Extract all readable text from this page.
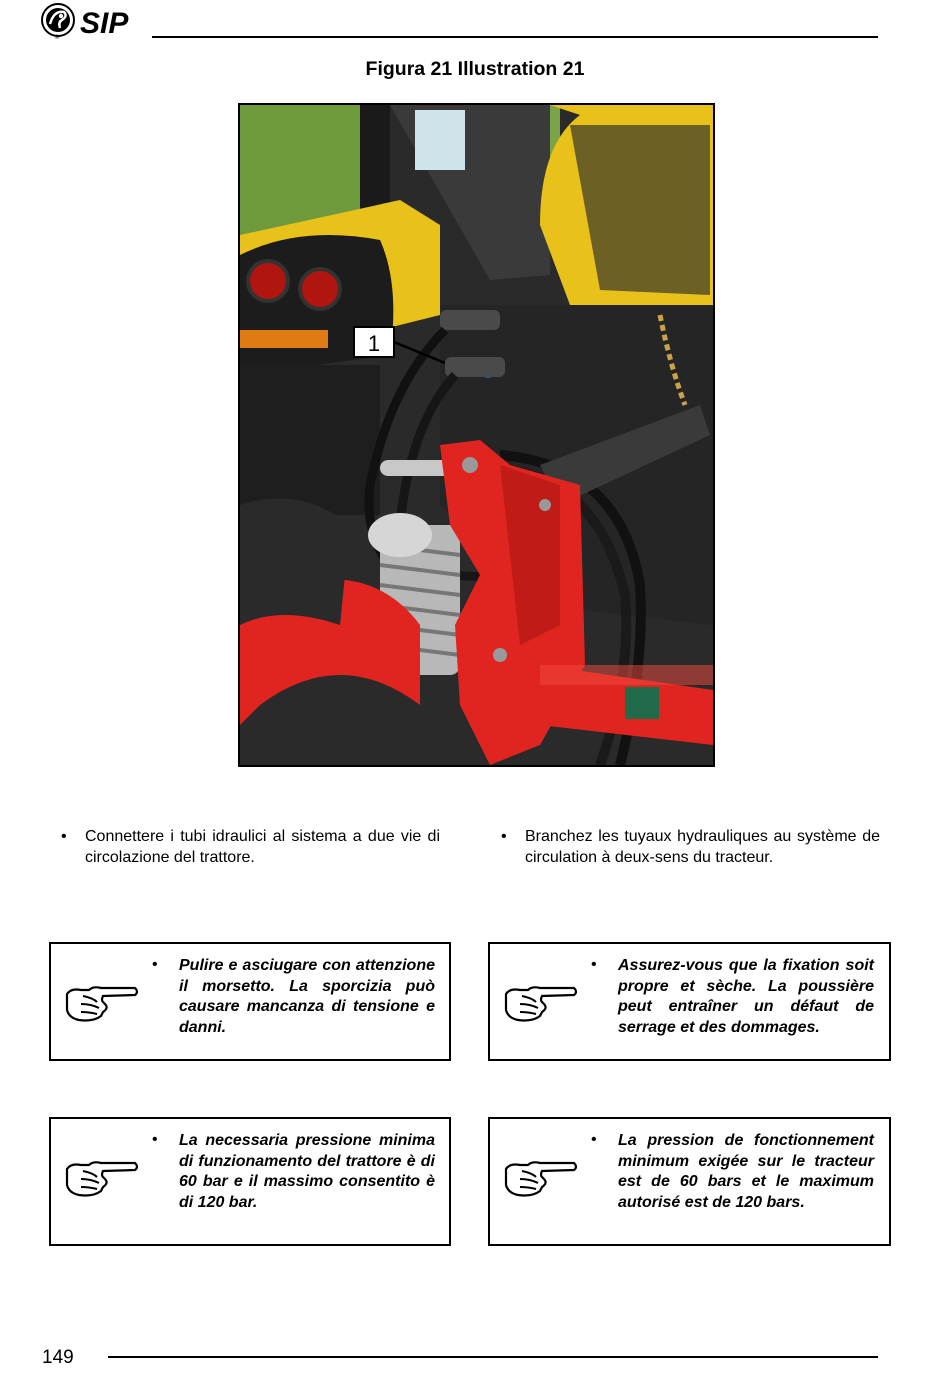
® SIP
Figura 21 Illustration 21
1
• Connettere i tubi idraulici al sistema a due vie di circolazione del trattore.
• Branchez les tuyaux hydrauliques au système de circulation à deux-sens du tracteur.
• Pulire e asciugare con attenzione il morsetto. La sporcizia può causare mancanza di tensione e danni.
• Assurez-vous que la fixation soit propre et sèche. La poussière peut entraîner un défaut de serrage et des dommages.
• La necessaria pressione minima di funzionamento del trattore è di 60 bar e il massimo consentito è di 120 bar.
• La pression de fonctionnement minimum exigée sur le tracteur est de 60 bars et le maximum autorisé est de 120 bars.
149
